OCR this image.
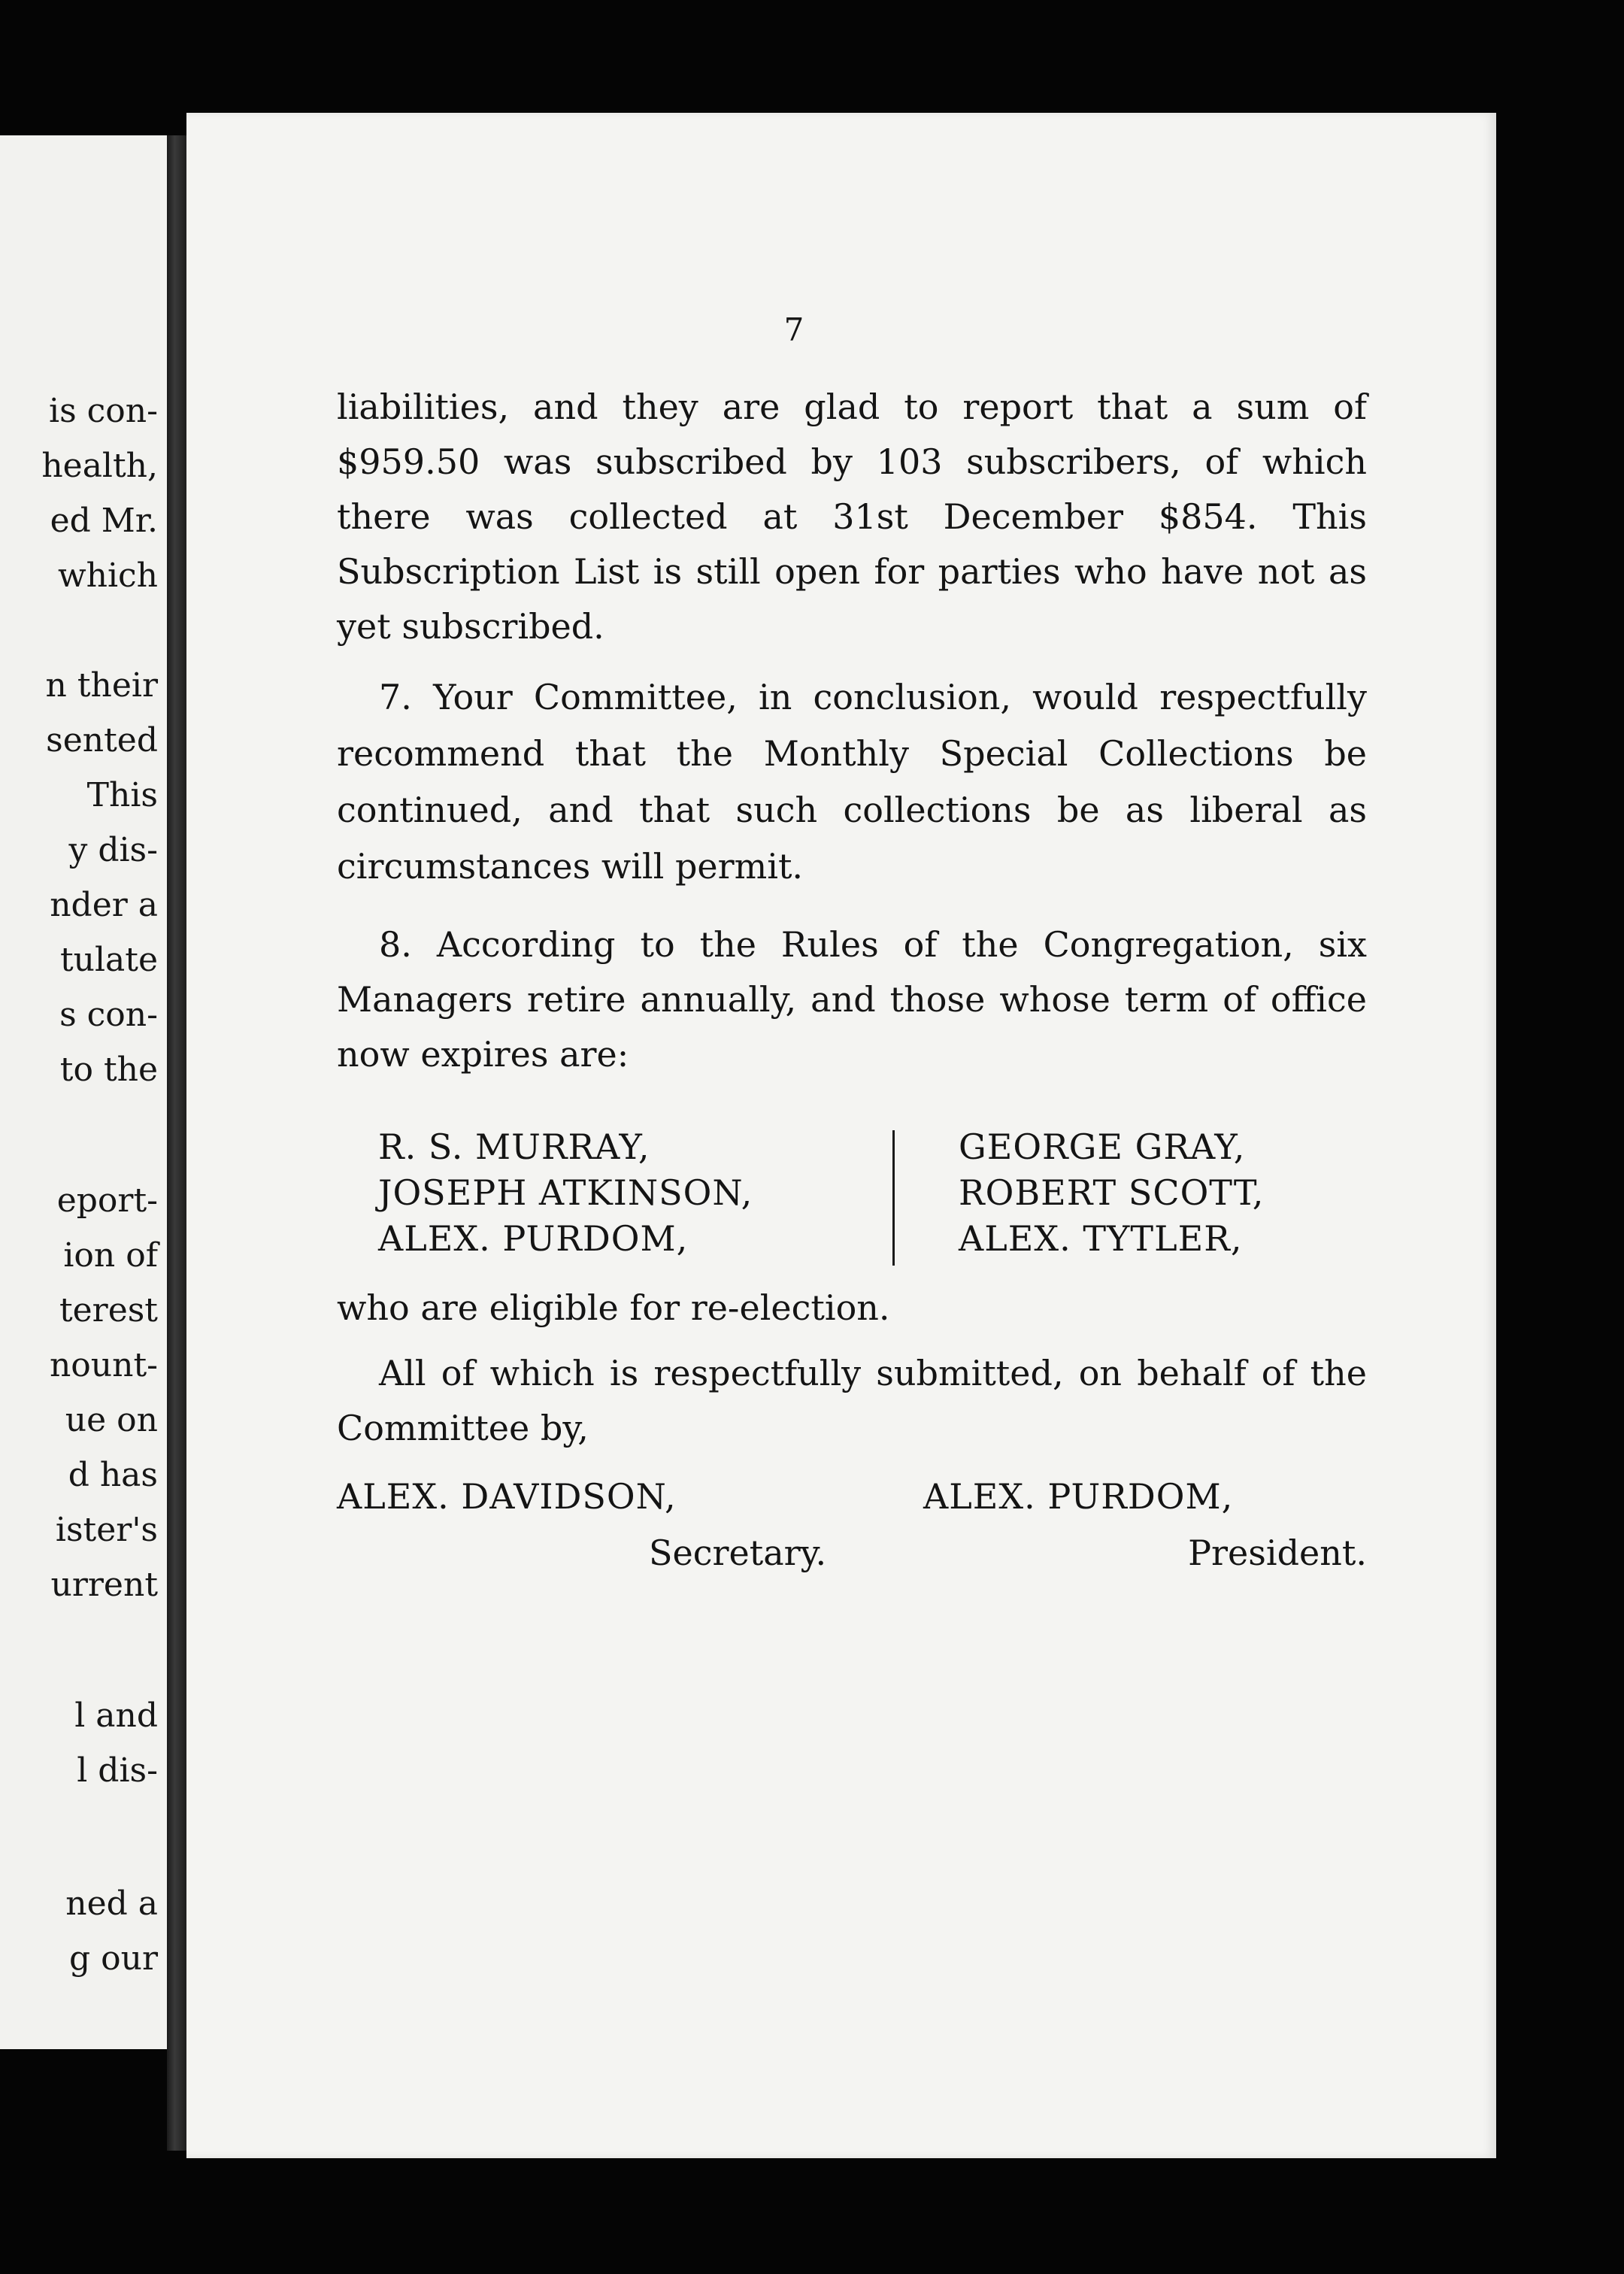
is con-
health,
ed Mr.
which
n their
sented
This
y dis-
nder a
tulate
s con-
to the
eport-
ion of
terest
nount-
ue on
d has
ister's
urrent
l and
l dis-
ned a
g our
7

liabilities, and they are glad to report that a sum of $959.50 was subscribed by 103 subscribers, of which there was collected at 31st December $854. This Subscription List is still open for parties who have not as yet subscribed.

7. Your Committee, in conclusion, would respectfully recommend that the Monthly Special Collections be continued, and that such collections be as liberal as circumstances will permit.

8. According to the Rules of the Congregation, six Managers retire annually, and those whose term of office now expires are:

R. S. MURRAY,
JOSEPH ATKINSON,
ALEX. PURDOM,
GEORGE GRAY,
ROBERT SCOTT,
ALEX. TYTLER,

who are eligible for re-election.

All of which is respectfully submitted, on behalf of the Committee by,

ALEX. DAVIDSON,	ALEX. PURDOM,
Secretary.	President.
